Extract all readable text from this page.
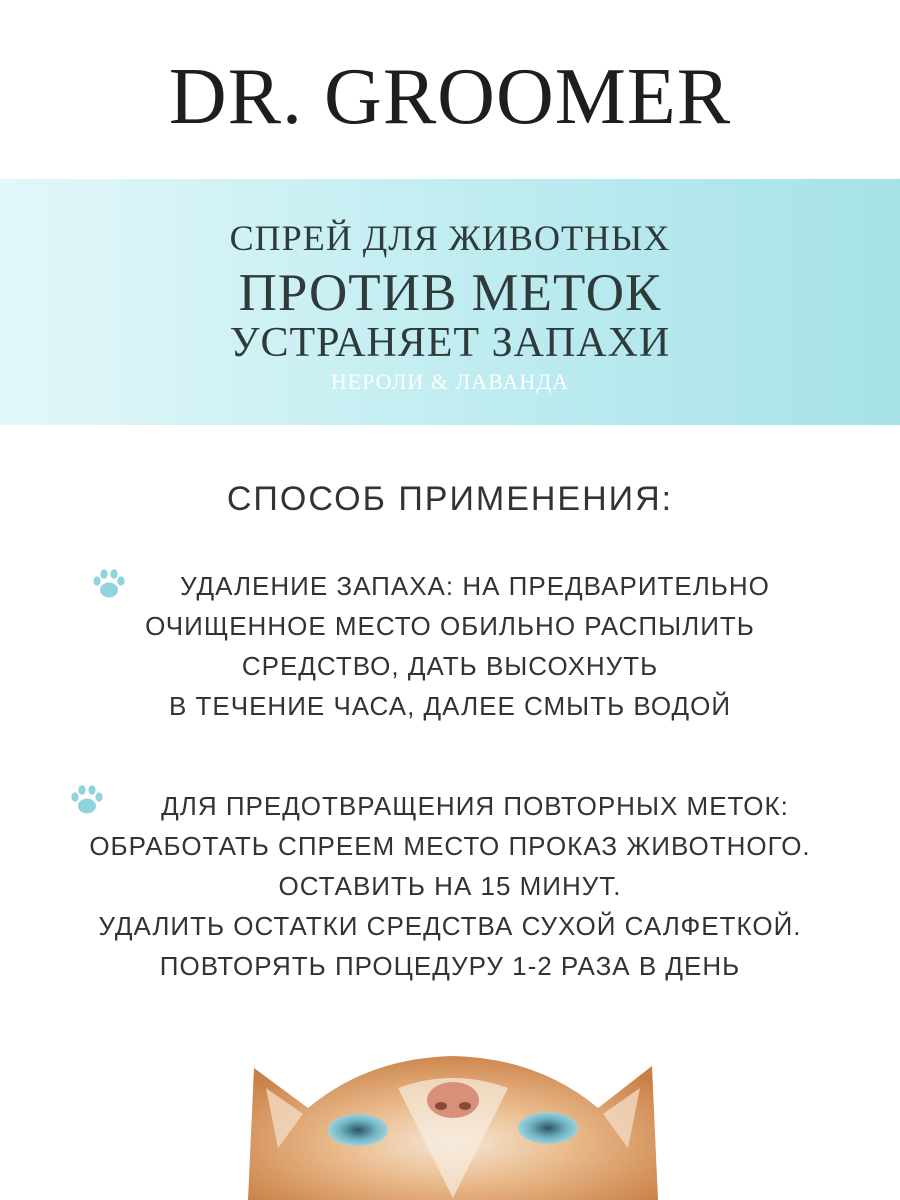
DR. GROOMER
СПРЕЙ ДЛЯ ЖИВОТНЫХ
ПРОТИВ МЕТОК
УСТРАНЯЕТ ЗАПАХИ
НЕРОЛИ & ЛАВАНДА
СПОСОБ ПРИМЕНЕНИЯ:
УДАЛЕНИЕ ЗАПАХА: НА ПРЕДВАРИТЕЛЬНО
ОЧИЩЕННОЕ МЕСТО ОБИЛЬНО РАСПЫЛИТЬ
СРЕДСТВО, ДАТЬ ВЫСОХНУТЬ
В ТЕЧЕНИЕ ЧАСА, ДАЛЕЕ СМЫТЬ ВОДОЙ
ДЛЯ ПРЕДОТВРАЩЕНИЯ ПОВТОРНЫХ МЕТОК:
ОБРАБОТАТЬ СПРЕЕМ МЕСТО ПРОКАЗ ЖИВОТНОГО.
ОСТАВИТЬ НА 15 МИНУТ.
УДАЛИТЬ ОСТАТКИ СРЕДСТВА СУХОЙ САЛФЕТКОЙ.
ПОВТОРЯТЬ ПРОЦЕДУРУ 1-2 РАЗА В ДЕНЬ
